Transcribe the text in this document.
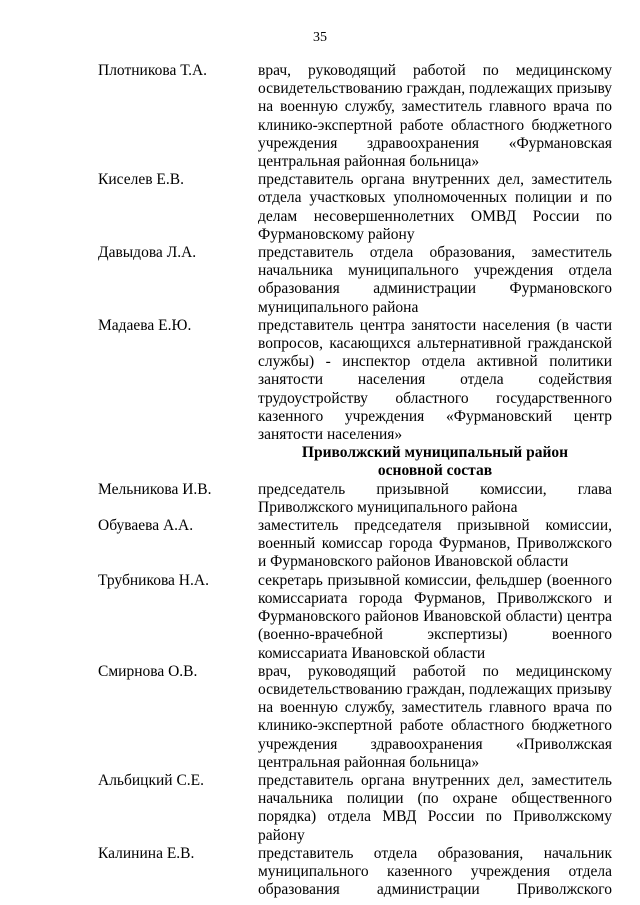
35
Плотникова Т.А.	врач, руководящий работой по медицинскому освидетельствованию граждан, подлежащих призыву на военную службу, заместитель главного врача по клинико-экспертной работе областного бюджетного учреждения здравоохранения «Фурмановская центральная районная больница»
Киселев Е.В.	представитель органа внутренних дел, заместитель отдела участковых уполномоченных полиции и по делам несовершеннолетних ОМВД России по Фурмановскому району
Давыдова Л.А.	представитель отдела образования, заместитель начальника муниципального учреждения отдела образования администрации Фурмановского муниципального района
Мадаева Е.Ю.	представитель центра занятости населения (в части вопросов, касающихся альтернативной гражданской службы) - инспектор отдела активной политики занятости населения отдела содействия трудоустройству областного государственного казенного учреждения «Фурмановский центр занятости населения»
Приволжский муниципальный район
основной состав
Мельникова И.В.	председатель призывной комиссии, глава Приволжского муниципального района
Обуваева А.А.	заместитель председателя призывной комиссии, военный комиссар города Фурманов, Приволжского и Фурмановского районов Ивановской области
Трубникова Н.А.	секретарь призывной комиссии, фельдшер (военного комиссариата города Фурманов, Приволжского и Фурмановского районов Ивановской области) центра (военно-врачебной экспертизы) военного комиссариата Ивановской области
Смирнова О.В.	врач, руководящий работой по медицинскому освидетельствованию граждан, подлежащих призыву на военную службу, заместитель главного врача по клинико-экспертной работе областного бюджетного учреждения здравоохранения «Приволжская центральная районная больница»
Альбицкий С.Е.	представитель органа внутренних дел, заместитель начальника полиции (по охране общественного порядка) отдела МВД России по Приволжскому району
Калинина Е.В.	представитель отдела образования, начальник муниципального казенного учреждения отдела образования администрации Приволжского
